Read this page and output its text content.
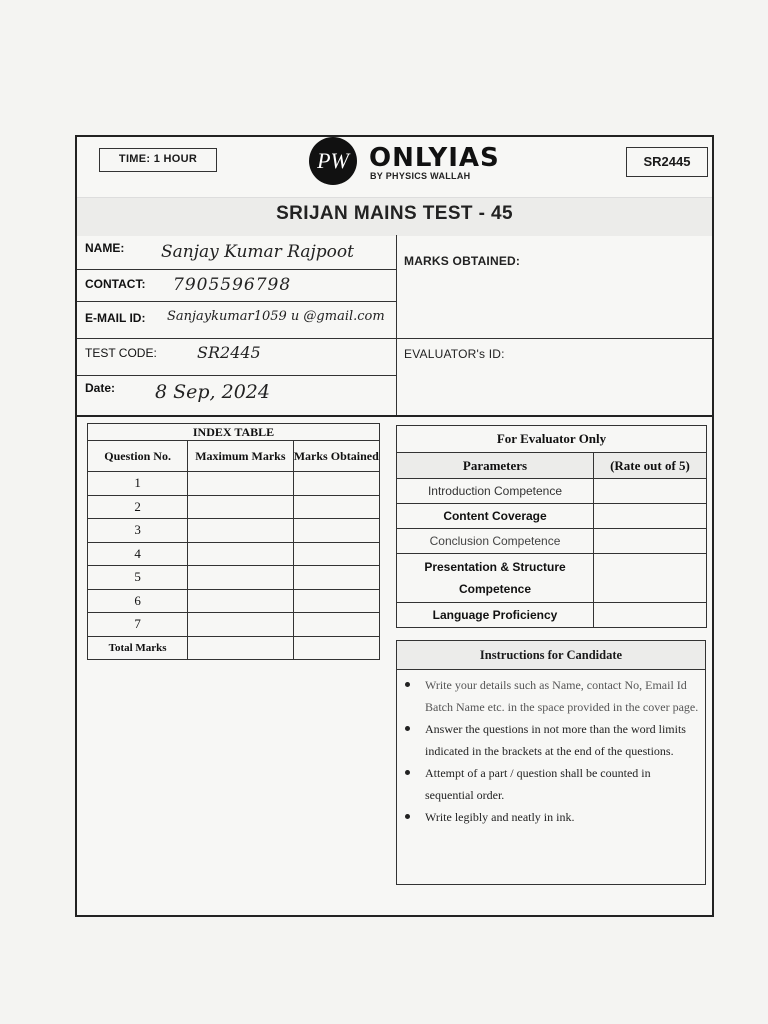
TIME: 1 HOUR	PW ONLYIAS
BY PHYSICS WALLAH
SR2445
SRIJAN MAINS TEST - 45
NAME: Sanjay Kumar Rajpoot
CONTACT: 7905596798
E-MAIL ID: Sanjaykumar1059 u @gmail.com
TEST CODE:	SR2445
Date: 8 Sep, 2024
MARKS OBTAINED:
EVALUATOR's ID:
INDEX TABLE		
Question No.	Maximum Marks	Marks Obtained
1		
2		
3		
4		
5		
6		
7		
Total Marks		
For Evaluator Only	
Parameters	(Rate out of 5)
Introduction Competence	
Content Coverage	
Conclusion Competence	
Presentation & Structure Competence	
Language Proficiency	
Instructions for Candidate
Write your details such as Name, contact No, Email Id Batch Name etc. in the space provided in the cover page.
Answer the questions in not more than the word limits indicated in the brackets at the end of the questions.
Attempt of a part / question shall be counted in sequential order.
Write legibly and neatly in ink.
